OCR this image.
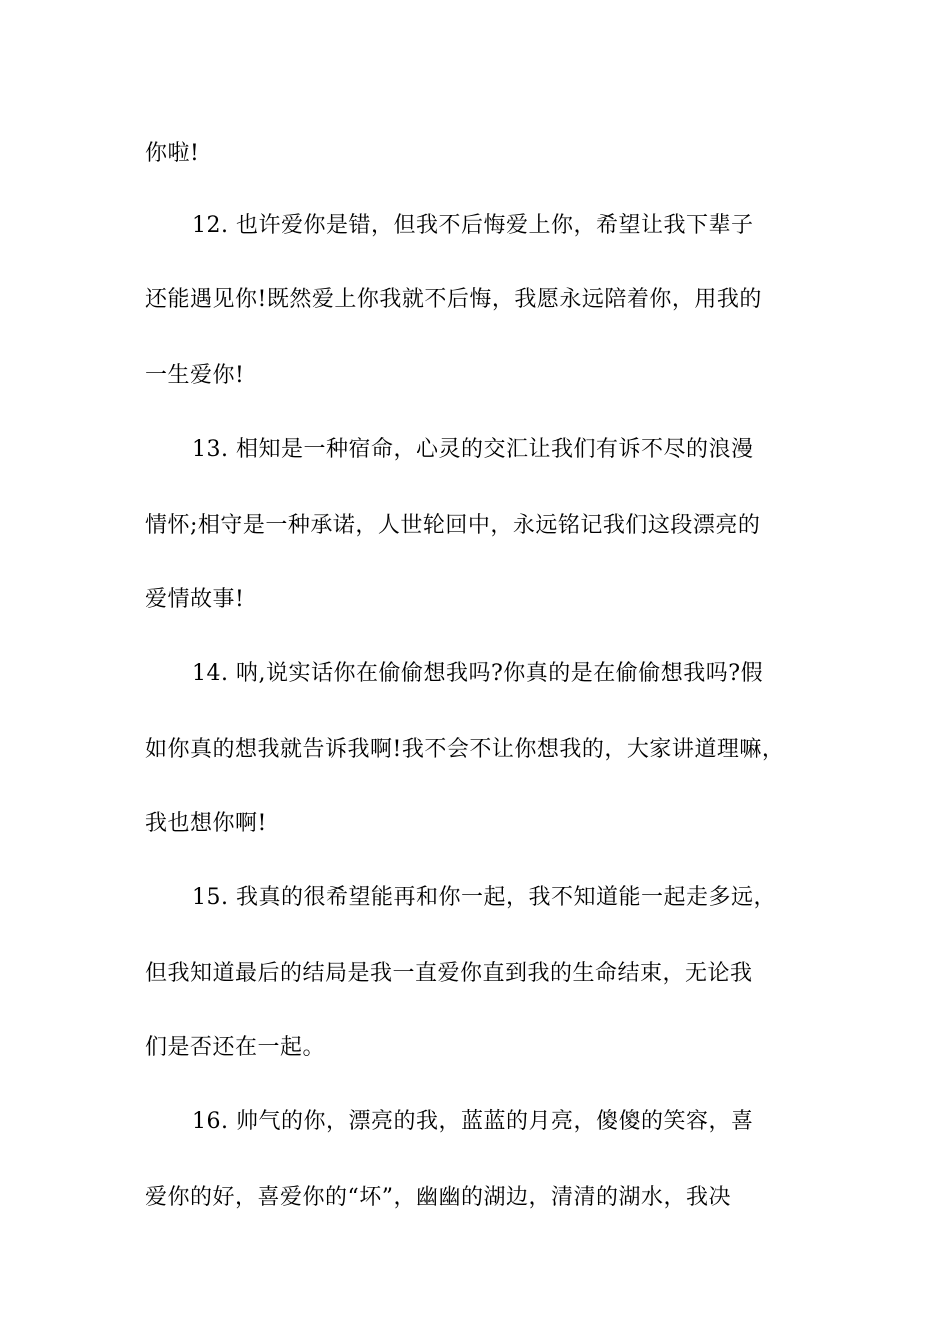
你啦!
12. 也许爱你是错，但我不后悔爱上你，希望让我下辈子
还能遇见你!既然爱上你我就不后悔，我愿永远陪着你，用我的
一生爱你!
13. 相知是一种宿命，心灵的交汇让我们有诉不尽的浪漫
情怀;相守是一种承诺，人世轮回中，永远铭记我们这段漂亮的
爱情故事!
14. 呐,说实话你在偷偷想我吗?你真的是在偷偷想我吗?假
如你真的想我就告诉我啊!我不会不让你想我的，大家讲道理嘛，
我也想你啊!
15. 我真的很希望能再和你一起，我不知道能一起走多远，
但我知道最后的结局是我一直爱你直到我的生命结束，无论我
们是否还在一起。
16. 帅气的你，漂亮的我，蓝蓝的月亮，傻傻的笑容，喜
爱你的好，喜爱你的“坏”，幽幽的湖边，清清的湖水，我决
